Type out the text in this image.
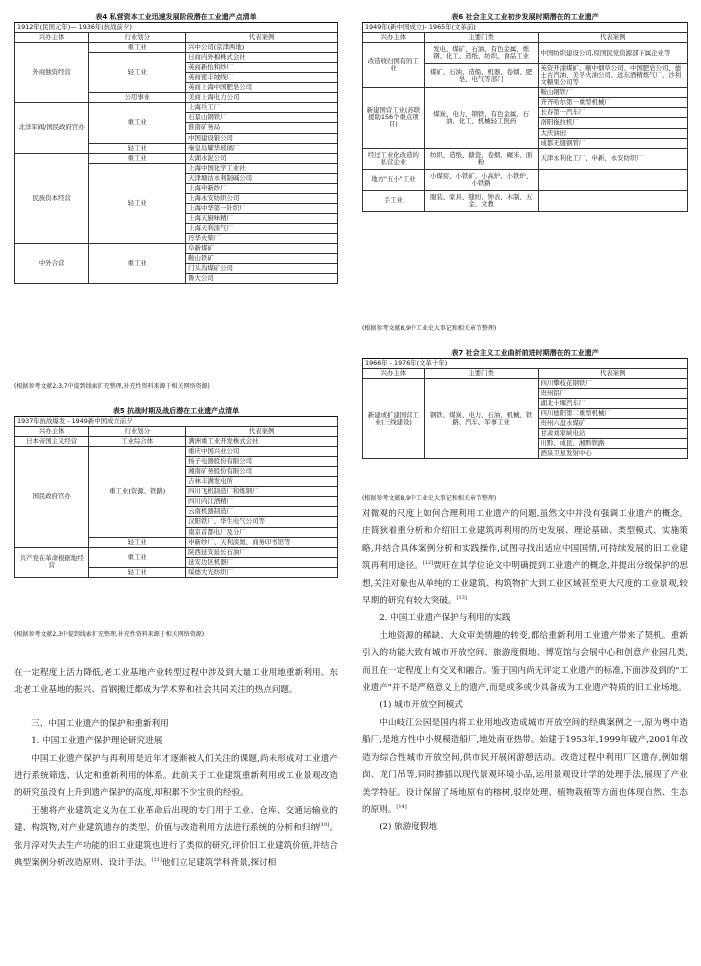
表4 私营资本工业迅速发展阶段潜在工业遗产点清单
1912年(民国元年)— 1936年(抗战前夕)		
兴办主体	行业划分	代表案例
外商独资经营	重工业	兴中公司(京津两地)
	轻工业	日商内外棉株式会社
		英商新怡和纱厂
		英商密丰绒线厂
		英商上海中国肥皂公司
	公用事业	美商上海电力公司
北洋军阀/国民政府官办	重工业	上海兵工厂
		石景山钢铁厂
		淮南矿务局
		中国建设银公司
	轻工业	秦皇岛耀华玻璃厂
民族资本经营	重工业	太湖水泥公司
	轻工业	上海中国化学工业社
		天津塘沽永利制碱公司
		上海申新纱厂
		上海永安纺织公司
		上海中华第一针织厂
		上海天厨味精厂
		上海天利淡气厂
		丹华火柴厂
中外合营	重工业	阜新煤矿
		鞍山铁矿
		门头沟煤矿公司
		鲁大公司
(根据参考文献2,3,7中提到线索扩充整理,补充性资料来源于相关网络资源)
表5 抗战时期及战后潜在工业遗产点清单
1937年抗战爆发 - 1949新中国成立前夕		
兴办主体	行业划分	代表案例
日本帝国主义经营	工业综合体	满洲重工业开发株式会社
国民政府官办	重工业(资源、铁路)	重庆中国兴业公司
		扬子电器股份有限公司
		湘南矿务股份有限公司
		吉林丰满发电所
		四川飞机制造厂和炼钢厂
		四川内江酒精厂
		云南机器制造厂
		汉阳铁厂、华生电气公司等
		南京首都电厂及分厂
	轻工业	申新纱厂、天利淡氮、商务印书馆等
共产党在革命根据地经营	重工业	陕西延安延长石油厂
		延安边区机器厂
	轻工业	绥德大光纺织厂
(根据参考文献2,3中提到线索扩充整理,补充性资料来源于相关网络资源)

在一定程度上活力降低,老工业基地产业转型过程中涉及到大量工业用地重新利用。东北老工业基地的振兴、首钢搬迁都成为学术界和社会共同关注的热点问题。

三、中国工业遗产的保护和重新利用

1. 中国工业遗产保护理论研究进展

中国工业遗产保护与再利用是近年才逐渐被人们关注的课题,尚未形成对工业遗产进行系统筛选、认定和重新利用的体系。此前关于工业建筑重新利用或工业景观改造的研究虽没有上升到遗产保护的高度,却积累不少宝贵的经验。

王驰将产业建筑定义为在工业革命后出现的专门用于工业、仓库、交通运输业的建、构筑物,对产业建筑遗存的类型、价值与改造利用方法进行系统的分析和归纳[10]。张月淳对失去生产功能的旧工业建筑也进行了类似的研究,评价旧工业建筑价值,并结合典型案例分析改造原则、设计手法。[11]他们立足建筑学科背景,探讨相

表6 社会主义工业初步发展时期潜在的工业遗产
1949年(新中国成立)- 1965年(文革前)		
兴办主体	主要门类	代表案例
改造收归国有的工业	发电、煤矿、石油、有色金属、炼钢、化工、造纸、纺织、食品工业	中国纺织建设公司,原国民党资源部下属企业等
	煤矿、石油、造船、机器、卷烟、肥皂、电气等部门	英资开滦煤矿、颐中烟草公司、中国肥皂公司、德士古汽油、美孚火油公司、远东酒精炼气厂、沙利文糖果公司等
新建国营工业(苏联援助156个重点项目)	煤炭、电力、钢铁、有色金属、石油、化工、机械轻工医药	鞍山钢铁厂
		齐齐哈尔第一重型机械厂
		长春第一汽车厂
		洛阳拖拉机厂
		大庆油田
		成都无缝钢管厂
经过工业化改造的私营企业	纺织、造纸、搪瓷、卷烟、碾米、面粉	天津永利化工厂、申新、永安纺织厂
地方"五小"工业	小煤窑、小铁矿、小高炉、小铁炉、小铁路	
手工业	服装、家具、缝纫、钟表、木制、五金、文教	
(根据参考文献8,9中工业史大事记和相关章节整理)
表7 社会主义工业曲折前进时期潜在的工业遗产
1966年 - 1976年(文革十年)		
兴办主体	主要门类	代表案例
新建或扩建国营工业(三线建设)	钢铁、煤炭、电力、石油、机械、铁路、汽车、军事工业	四川攀枝花钢铁厂
		贵州铝厂
		湖北十堰汽车厂
		四川德阳第二重型机械厂
		贵州六盘水煤矿
		甘肃刘家峡电站
		川黔、成昆、湘黔铁路
		酒泉卫星发射中心
(根据参考文献8,9中工业史大事记和相关章节整理)

对微观的尺度上如何合理利用工业遗产的问题,虽然文中并没有强调工业遗产的概念。庄简狄着重分析和介绍旧工业建筑再利用的历史发展、理论基础、类型模式、实施策略,并结合具体案例分析和实践操作,试图寻找出适应中国国情,可持续发展的旧工业建筑再利用途径。[12]贾旺在其学位论文中明确提到工业遗产的概念,并提出分级保护的思想,关注对象也从单纯的工业建筑、构筑物扩大到工业区域甚至更大尺度的工业景观,较早期的研究有较大突破。[13]

2. 中国工业遗产保护与利用的实践

土地资源的稀缺、大众审美情趣的转变,都给重新利用工业遗产带来了契机。重新引入的功能大致有城市开放空间、旅游度假地、博览馆与会展中心和创意产业园几类,而且在一定程度上有交叉和融合。鉴于国内尚无评定工业遗产的标准,下面涉及到的"工业遗产"并不是严格意义上的遗产,而是或多或少具备成为工业遗产特质的旧工业场地。

(1) 城市开放空间模式

中山岐江公园是国内将工业用地改造成城市开放空间的经典案例之一,原为粤中造船厂,是地方性中小规模造船厂,地处南亚热带。始建于1953年,1999年破产,2001年改造为综合性城市开放空间,供市民开展闲游憩活动。改造过程中利用厂区遗存,例如烟囱、龙门吊等,同时掺插以现代景观环境小品,运用景观设计学的处理手法,展现了产业美学特征。设计保留了场地原有的榕树,驳岸处理、植物栽植等方面也体现自然、生态的原则。[14]

(2) 旅游度假地
